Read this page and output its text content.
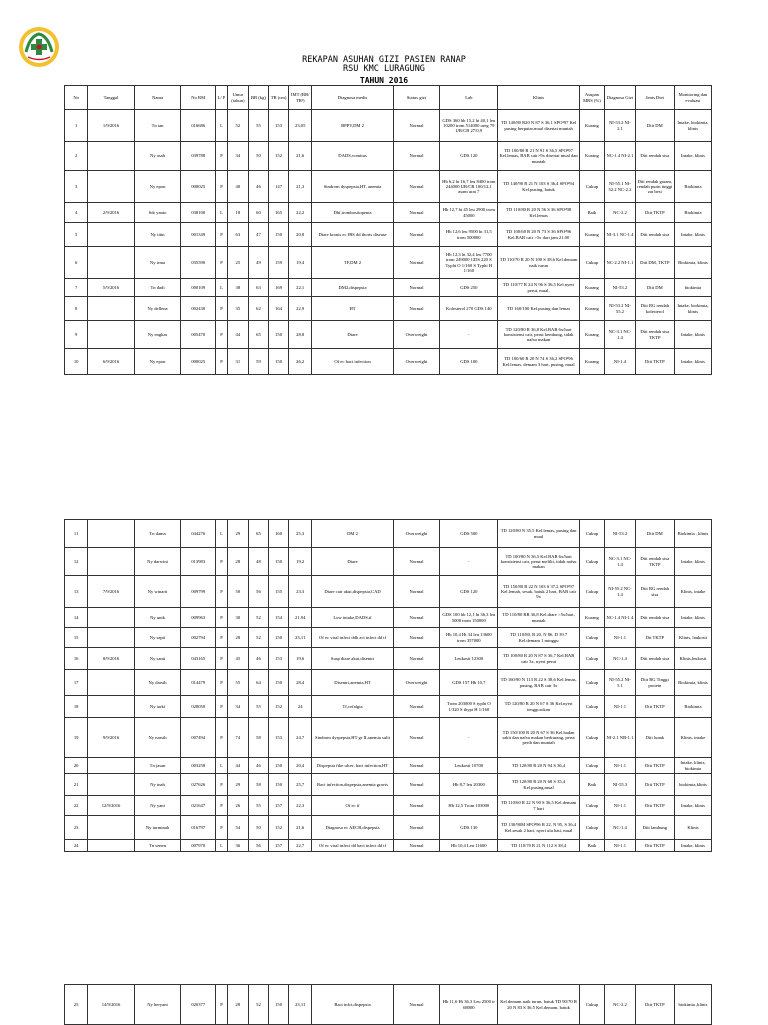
REKAPAN ASUHAN GIZI PASIEN RANAP
RSU KMC LURAGUNG
TAHUN 2016
No	Tanggal	Nama	No RM	L/ P	Umur (tahun)	BB (kg)	TB (cm)	IMT (BB/ TB²)	Diagnosa medis	Status gizi	Lab	Klinis	Asupan MRS (%)	Diagnosa Gizi	Jenis Diet	Monitoring dan evaluasi
1	1/9/2016	Tn tan	016686	L	52	55	153	23,05	BPPV,DM 2	Normal	GDS 360 hb 15,2 ht 40,1 leu 10200 trom 514000 ureg 79 UR/CR 27/0,9	TD 140/80 R20 N 87 S 36,1 SPO²97 Kel pusing berputar,mual disertai muntah	Kurang	NI-53.2 NI-2.1	Diit DM	Intake, biokimia, klinis
2		Ny asah	039788	P	34	50	152	21,6	DADS,vomitus	Normal	GDS 120	TD 100/80 R 21 N 91 S 36,5 SPO²97 Kel.lemas, BAB cair>9x disertai mual dan muntah	Kurang	NC-1.4 NI-2.1	Diit rendah sisa	Intake, klinis
3		Ny epon	000025	P	40	46	147	21,3	Sindrom dyspepsia,HT, anemia	Normal	Hb 6,2 ht 16,7 leu 8400 trom 244000 UR/CR 100/12,1 asam urat 7	TD 140/90 R 21 N 103 S 36,4 SPO²94 Kel.pusing, batuk	Cukup	NI-55.1 NI-52.2 NC-2.2	Diit rendah garam, rendah purin tinggi zat besi	Biokimia
4	2/9/2016	Sdr yanto	038100	L	18	60	165	22,2	Dhf,trombositopenia	Normal	Hb 12,7 ht 45 leu 2900 trom 45000	TD 110/80 R 20 N 56 S 36 SPO²98 Kel.lemas	Baik	NC-2.2	Diit TKTP	Biokimia
5		Ny titin	001349	P	63	47	150	20,8	Diare kronis ec IBS dd thoris disease	Normal	Hb 12,6 leu 9500 ht 31,5 trom 500000	TD 100/60 R 20 N 73 S 36 SPO²96 Kel.BAB cair >5x dari jam 21.00	Kurang	NI-3.1 NC-1.4	Diit rendah sisa	Intake, klinis
6		Ny irma	035590	P	25	49	159	19,4	TF,DM 2	Normal	Hb 12,3 ht 32,4 leu 7700 trom 249000 GDS 220 S Typhi O 1/160 S Typhi H 1/160	TD 110/70 R 20 N 100 S 38,6 Kel.demam naik turun	Cukup	NC-2.2 NI-1.1	Diit DM, TKTP	Biokimia, klinis
7	5/9/2016	Tn dadi	000109	L	38	63	169	22,1	DM2,dispepsia	Normal	GDS 250	TD 110/77 R 24 N 96 S 36,5 Kel.nyeri perut, mual,	Kurang	NI-53.2	Diit DM	biokimia
8		Ny dellena	002430	P	35	62	164	22,9	HT	Normal	Kolesterol 270 GDS 140	TD 160/100 Kel.pusing dan lemas	Kurang	NI-53.2 NI-55.2	Diit RG rendah kolesterol	Intake, biokimia, klinis
9		Ny engkas	005470	P	44	65	150	28,8	Diare	Overweight	-	TD 120/80 R 36,8 Kel.BAB 6x/hari konsistensi cair, perut kembung, tidak nafsu makan	Kurang	NC-3.1 NC-1.4	Diit rendah sisa TKTP	Intake, klinis
10	6/9/2016	Ny epon	000025	P	31	59	150	26,2	Of ec bact infection	Overweight	GDS 100	TD 100/60 R 20 N 74 S 36,2 SPO²96 Kel.lemas, demam 3 hari, pusing, mual	Kurang	NI-1.4	Diit TKTP	Intake, klinis
11		Tn dama	044276	L	29	65	160	25,3	DM 2	Overweight	GDS 500	TD 120/80 N 35,5 Kel.lemas, pusing dan mual	Cukup	NI-53.2	Diit DM	Biokimia , klinis
12		Ny darwini	013983	P	28	48	150	19,2	Diare	Normal	-	TD 100/80 N 36,5 Kel.BAB 6x/hari konsistensi cair, perut melilit, tidak nafsu makan	Cukup	NC-3.1 NC-1.4	Diit rendah sisa TKTP	Intake, klinis
13	7/9/2016	Ny winarti	009799	P	50	56	155	23,3	Diare cair akut,dispepsia,CAD	Normal	GDS 120	TD 150/80 R 22 N 103 S 37,2 SPO²97 Kel.lemah, sesak, batuk 2 hari, BAB cair 9x	Cukup	NI-55.2 NC-1.4	Diit RG rendah sisa	Klinis, intake
14		Ny unik	009963	P	30	52	154	21,94	Low intake,DADS,tf	Normal	GDS 100 hb 12,1 ht 36,3 leu 5000 trom 150000	TD 110/80 RR 36,8 Kel.diare >5x/hari, muntah	Kurang	NC-1.4 NI-1.4	Diit rendah sisa	Intake, klinis
15		Ny sapti	002794	P	28	52	150	23,11	Of ec viral infect ddh act infect dd tf	Normal	Hb 10,4 Ht 34 leu 13600 trom 357000	TD 110/80, R 20, N 86, D 39.7 Kel.demam 1 minggu	Cukup	NI-1.1	Dit TKTP	Klinis, laukosit
16	8/9/2016	Ny santi	043165	P	45	46	153	19,6	Susp diare akut,disentri	Normal	Leukosit 12300	TD 100/80 R 20 N 87 S 36,7 Kel.BAB cair 3x, nyeri perut	Cukup	NC-1.4	Diit rendah sisa	Klinis,leukosit
17		Ny darsih	014479	P	55	64	150	28,4	Disentri,anemia,HT	Overweight	GDS 157 Hb 10,7	TD 160/90 N 113 R 22 S 38,6 Kel.lemas, pusing, BAB cair 3x	Cukup	NI-55.2 NI-5.1	Diit RG Tinggi protein	Biokimia, klinis
18		Ny tarki	028050	P	34	55	152	24	Tf,cefalgia	Normal	Trom 203000 S typhi O 1/320 S thypi H 1/160	TD 120/80 R 20 N 67 S 36 Kel.nyeri tenggorokan	Cukup	NI-1.1	Diit TKTP	Biokimia
19	9/9/2016	Ny narsih	007494	P	74	58	153	24,7	Sindrom dyspepsia,HT gr II,anemia sulit	Normal	-	TD 150/100 R 20 N 67 S 36 Kel.badan sakit dan nafsu makan berkurang, perut perih dan muntah	Cukup	NI-2.1 NB-1.1	Diit lunak	Klinis, intake
20		Tn jasan	003258	L	44	46	150	20,4	Dispepsia fike ulcer, bact infection,HT	Normal	Leukosit 10700	TD 120/80 R 20 N 94 S 36,4	Cukup	NI-1.1	Diit TKTP	Intake, klinis, biokimia
21		Ny inah	027626	P	29	58	150	25,7	Bact infection,dispepsia,anemia gravis	Normal	Hb 8,7 leu 20300	TD 120/80 R 20 N 68 S 35,4 Kel.pusing,mual	Baik	NI-55.3	Diit TKTP	biokimia,klinis
22	12/9/2016	Ny yani	021647	P	26	55	157	22,3	Of ec tf	Normal	Hb 12,5 Trom 103000	TD 110/60 R 22 N 90 S 36,5 Kel.demam 7 hari	Cukup	NI-1.1	Diit TKTP	Intake, klinis
23		Ny turminah	016797	P	54	50	152	21,6	Diagnosa ec AECB,dispepsia	Normal	GDS 130	TD 130/90M SPO²96 R 22, N 95, S 36,4 Kel.sesak 2 hari, nyeri ulu hati, mual	Cukup	NC-1.4	Diit lambung	Klinis
24		Tn senen	007970	L	36	56	157	22,7	Of ec viral infect dd bact infect dd tf	Normal	Hb 10,4 Leu 11600	TD 110/70 R 21 N 112 S 38,4	Baik	NI-1.1	Diit TKTP	Intake, klinis
25	14/9/2016	Ny heryani	020377	P	28	52	150	23,11	Bact infct,dispepsia	Normal	Hb 11,6 Ht 36,3 Leu 2500 tr 68000	Kel.demam naik turun, batuk TD 90/70 R 20 N 83 S 36,5 Kel.demam, batuk	Cukup	NC-2.2	Diit TKTP	biokimia ,klinis
